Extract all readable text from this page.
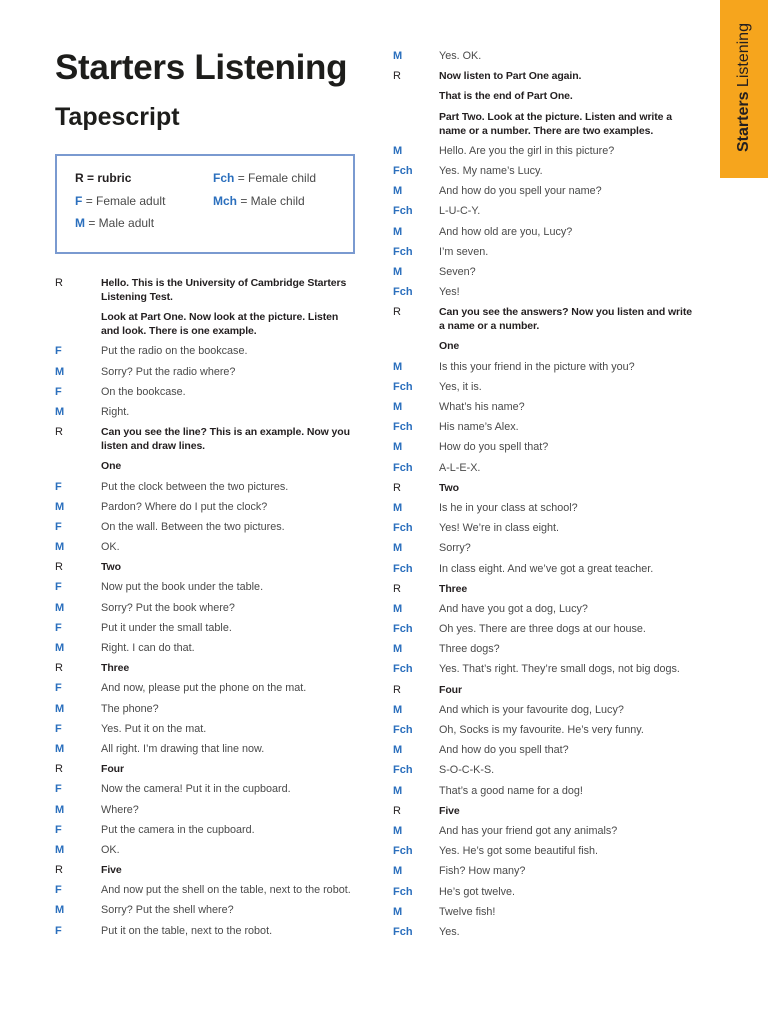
Starters Listening
Tapescript
R = rubric	Fch = Female child
F = Female adult	Mch = Male child
M = Male adult
Starters Listening
R	Hello. This is the University of Cambridge Starters Listening Test.
Look at Part One. Now look at the picture. Listen and look. There is one example.
F	Put the radio on the bookcase.
M	Sorry? Put the radio where?
F	On the bookcase.
M	Right.
R	Can you see the line? This is an example. Now you listen and draw lines.
One
F	Put the clock between the two pictures.
M	Pardon? Where do I put the clock?
F	On the wall. Between the two pictures.
M	OK.
R	Two
F	Now put the book under the table.
M	Sorry? Put the book where?
F	Put it under the small table.
M	Right. I can do that.
R	Three
F	And now, please put the phone on the mat.
M	The phone?
F	Yes. Put it on the mat.
M	All right. I’m drawing that line now.
R	Four
F	Now the camera! Put it in the cupboard.
M	Where?
F	Put the camera in the cupboard.
M	OK.
R	Five
F	And now put the shell on the table, next to the robot.
M	Sorry? Put the shell where?
F	Put it on the table, next to the robot.
M	Yes. OK.
R	Now listen to Part One again.
That is the end of Part One.
Part Two. Look at the picture. Listen and write a name or a number. There are two examples.
M	Hello. Are you the girl in this picture?
Fch	Yes. My name’s Lucy.
M	And how do you spell your name?
Fch	L-U-C-Y.
M	And how old are you, Lucy?
Fch	I’m seven.
M	Seven?
Fch	Yes!
R	Can you see the answers? Now you listen and write a name or a number.
One
M	Is this your friend in the picture with you?
Fch	Yes, it is.
M	What’s his name?
Fch	His name’s Alex.
M	How do you spell that?
Fch	A-L-E-X.
R	Two
M	Is he in your class at school?
Fch	Yes! We’re in class eight.
M	Sorry?
Fch	In class eight. And we’ve got a great teacher.
R	Three
M	And have you got a dog, Lucy?
Fch	Oh yes. There are three dogs at our house.
M	Three dogs?
Fch	Yes. That’s right. They’re small dogs, not big dogs.
R	Four
M	And which is your favourite dog, Lucy?
Fch	Oh, Socks is my favourite. He’s very funny.
M	And how do you spell that?
Fch	S-O-C-K-S.
M	That’s a good name for a dog!
R	Five
M	And has your friend got any animals?
Fch	Yes. He’s got some beautiful fish.
M	Fish? How many?
Fch	He’s got twelve.
M	Twelve fish!
Fch	Yes.
